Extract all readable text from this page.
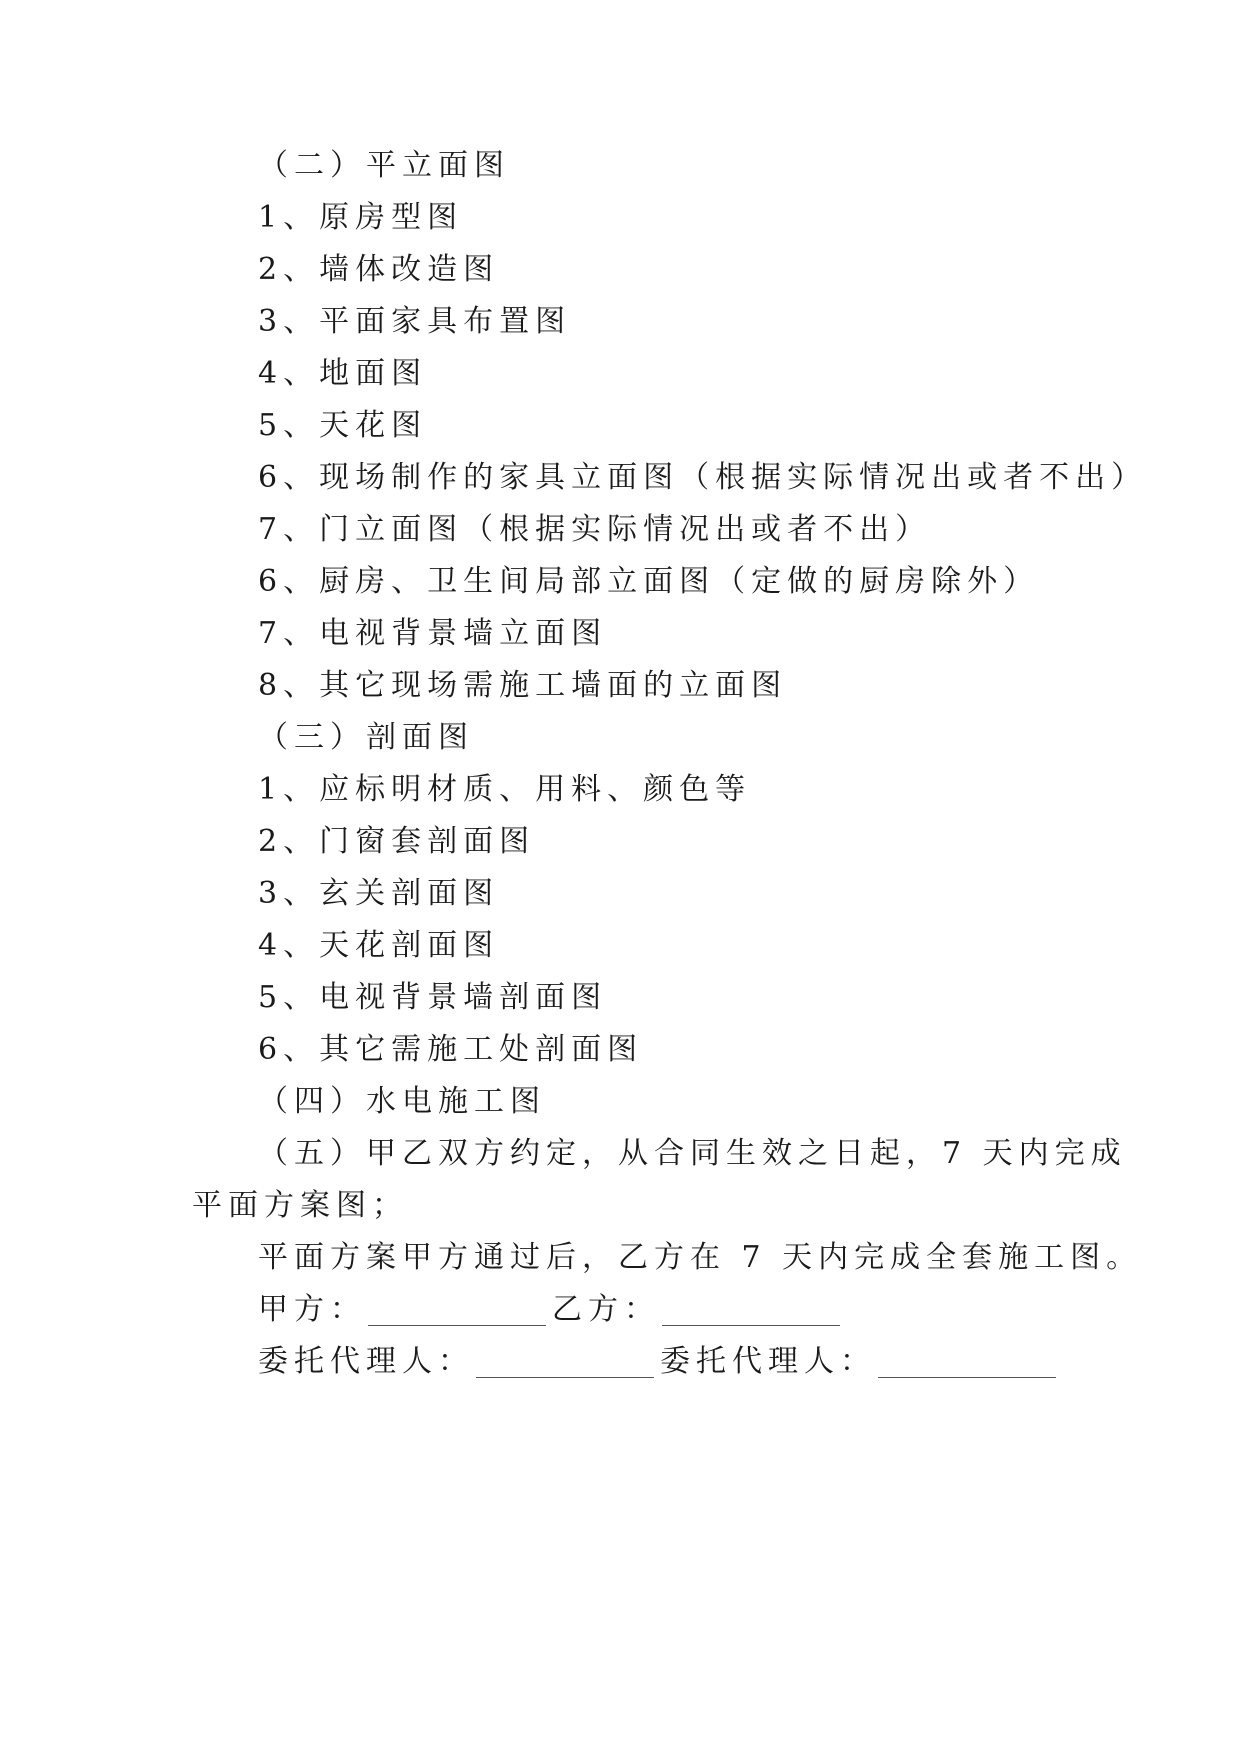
（二）平立面图
1、原房型图
2、墙体改造图
3、平面家具布置图
4、地面图
5、天花图
6、现场制作的家具立面图（根据实际情况出或者不出）
7、门立面图（根据实际情况出或者不出）
6、厨房、卫生间局部立面图（定做的厨房除外）
7、电视背景墙立面图
8、其它现场需施工墙面的立面图
（三）剖面图
1、应标明材质、用料、颜色等
2、门窗套剖面图
3、玄关剖面图
4、天花剖面图
5、电视背景墙剖面图
6、其它需施工处剖面图
（四）水电施工图
（五）甲乙双方约定，从合同生效之日起，7 天内完成
平面方案图；
平面方案甲方通过后，乙方在 7 天内完成全套施工图。
甲方：	乙方：
委托代理人：	委托代理人：
